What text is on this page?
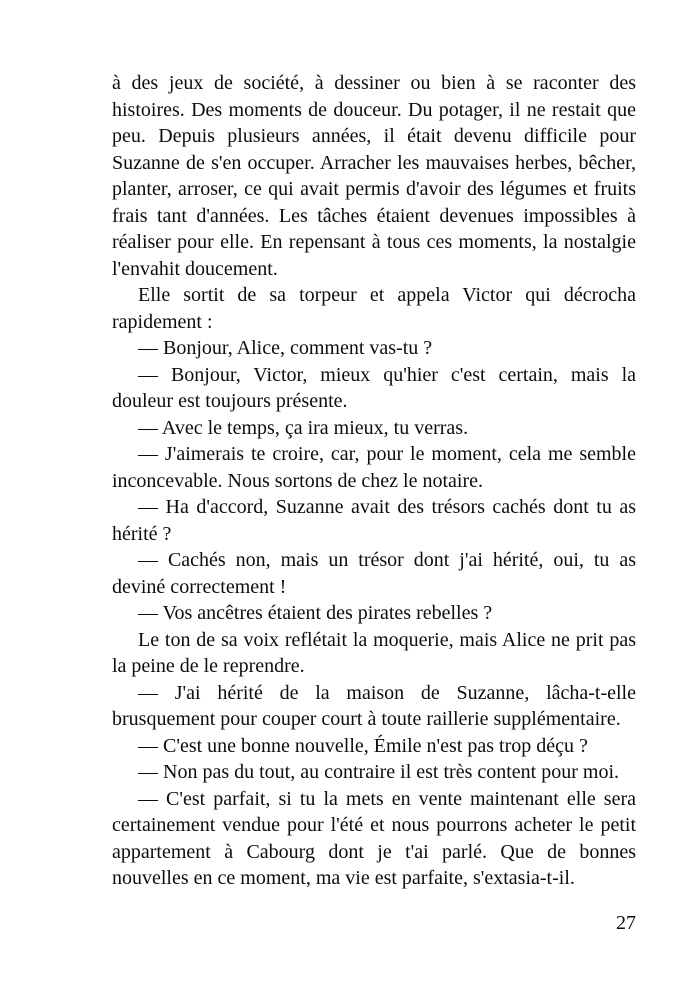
à des jeux de société, à dessiner ou bien à se raconter des histoires. Des moments de douceur. Du potager, il ne restait que peu. Depuis plusieurs années, il était devenu difficile pour Suzanne de s'en occuper. Arracher les mauvaises herbes, bêcher, planter, arroser, ce qui avait permis d'avoir des légumes et fruits frais tant d'années. Les tâches étaient devenues impossibles à réaliser pour elle. En repensant à tous ces moments, la nostalgie l'envahit doucement.

Elle sortit de sa torpeur et appela Victor qui décrocha rapidement :

— Bonjour, Alice, comment vas-tu ?

— Bonjour, Victor, mieux qu'hier c'est certain, mais la douleur est toujours présente.

— Avec le temps, ça ira mieux, tu verras.

— J'aimerais te croire, car, pour le moment, cela me semble inconcevable. Nous sortons de chez le notaire.

— Ha d'accord, Suzanne avait des trésors cachés dont tu as hérité ?

— Cachés non, mais un trésor dont j'ai hérité, oui, tu as deviné correctement !

— Vos ancêtres étaient des pirates rebelles ?

Le ton de sa voix reflétait la moquerie, mais Alice ne prit pas la peine de le reprendre.

— J'ai hérité de la maison de Suzanne, lâcha-t-elle brusquement pour couper court à toute raillerie supplémentaire.

— C'est une bonne nouvelle, Émile n'est pas trop déçu ?

— Non pas du tout, au contraire il est très content pour moi.

— C'est parfait, si tu la mets en vente maintenant elle sera certainement vendue pour l'été et nous pourrons acheter le petit appartement à Cabourg dont je t'ai parlé. Que de bonnes nouvelles en ce moment, ma vie est parfaite, s'extasia-t-il.

27
